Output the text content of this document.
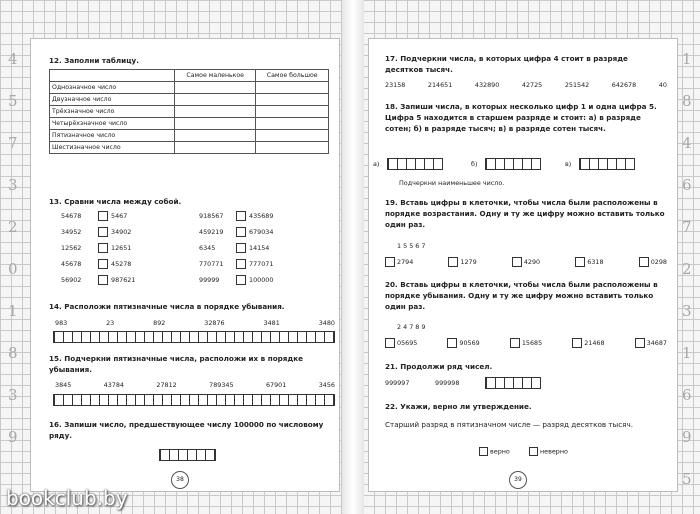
4
5
7
3
2
0
1
8
3
9
1
8
4
6
7
2
3
1
6
9
5
12. Заполни таблицу.
	Самое маленькое	Самое большое
Однозначное число		
Двузначное число		
Трёхзначное число		
Четырёхзначное число		
Пятизначное число		
Шестизначное число		
13. Сравни числа между собой.
54678	5467
34952	34902
12562	12651
45678	45278
56902	987621
918567	435689
459219	679034
6345	14154
770771	777071
99999	100000
14. Расположи пятизначные числа в порядке убывания.
983	23	892	32876	3481	3480
15. Подчеркни пятизначные числа, расположи их в порядке убывания.
3845	43784	27812	789345	67901	3456
16. Запиши число, предшествующее числу 100000 по числовому ряду.
38
17. Подчеркни числа, в которых цифра 4 стоит в разряде десятков тысяч.
23158	214651	432890	42725	251542	642678	40
18. Запиши числа, в которых несколько цифр 1 и одна цифра 5. Цифра 5 находится в старшем разряде и стоит: а) в разряде сотен; б) в разряде тысяч; в) в разряде сотен тысяч.
а)	б)	в)
Подчеркни наименьшее число.
19. Вставь цифры в клеточки, чтобы числа были расположены в порядке возрастания. Одну и ту же цифру можно вставить только один раз.
1 5 5 6 7
2794	1279	4290	6318	0298
20. Вставь цифры в клеточки, чтобы числа были расположены в порядке убывания. Одну и ту же цифру можно вставить только один раз.
2 4 7 8 9
05695	90569	15685	21468	34687
21. Продолжи ряд чисел.
999997	999998
22. Укажи, верно ли утверждение.
Старший разряд в пятизначном числе — разряд десятков тысяч.
верно	неверно
39
bookclub.by
